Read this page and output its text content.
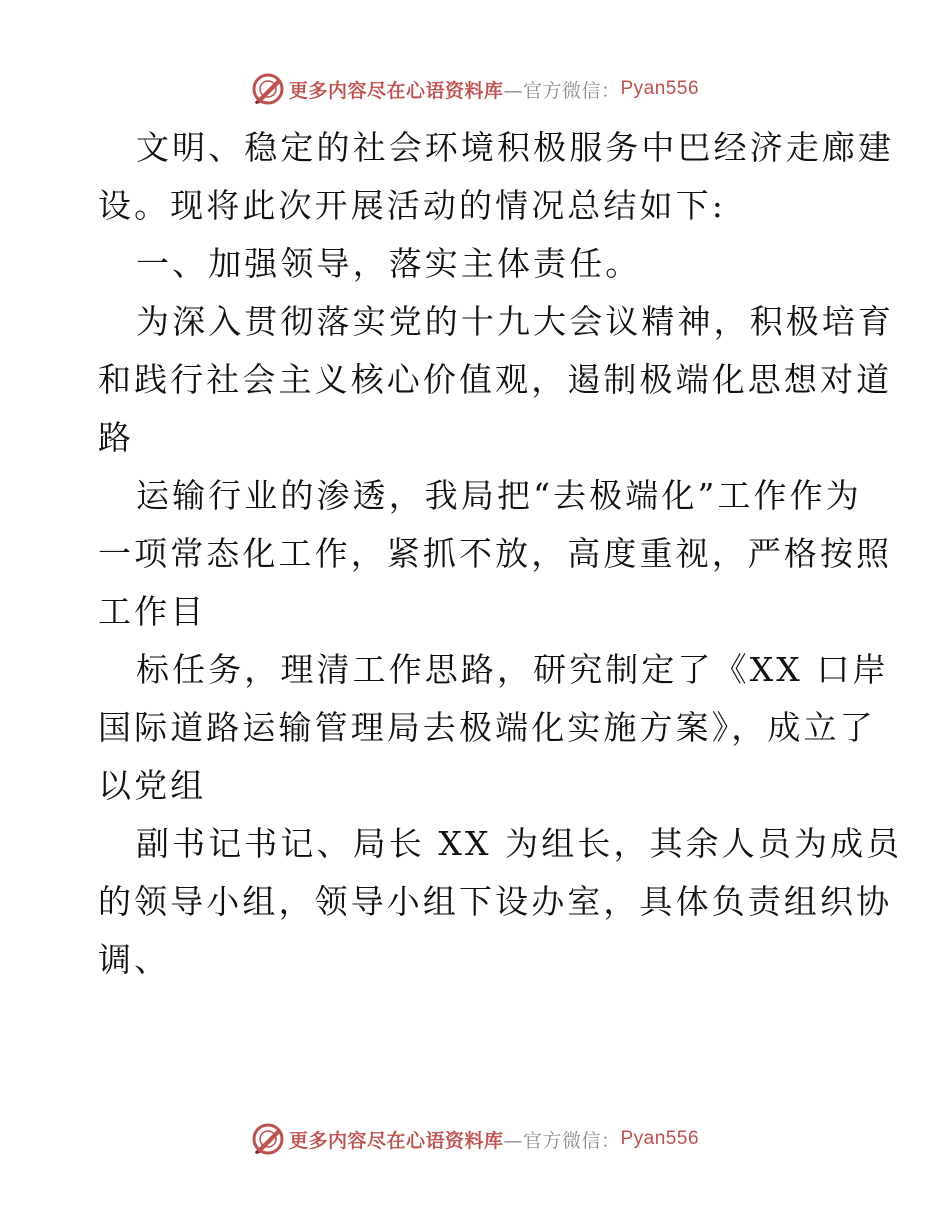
更多内容尽在心语资料库 —官方微信： Pyan556
文明、稳定的社会环境积极服务中巴经济走廊建
设。现将此次开展活动的情况总结如下:
一、加强领导，落实主体责任。
为深入贯彻落实党的十九大会议精神，积极培育
和践行社会主义核心价值观，遏制极端化思想对道
路
运输行业的渗透，我局把“去极端化”工作作为
一项常态化工作，紧抓不放，高度重视，严格按照
工作目
标任务，理清工作思路，研究制定了《XX 口岸
国际道路运输管理局去极端化实施方案》，成立了
以党组
副书记书记、局长 XX 为组长，其余人员为成员
的领导小组，领导小组下设办室，具体负责组织协
调、
更多内容尽在心语资料库 —官方微信： Pyan556
